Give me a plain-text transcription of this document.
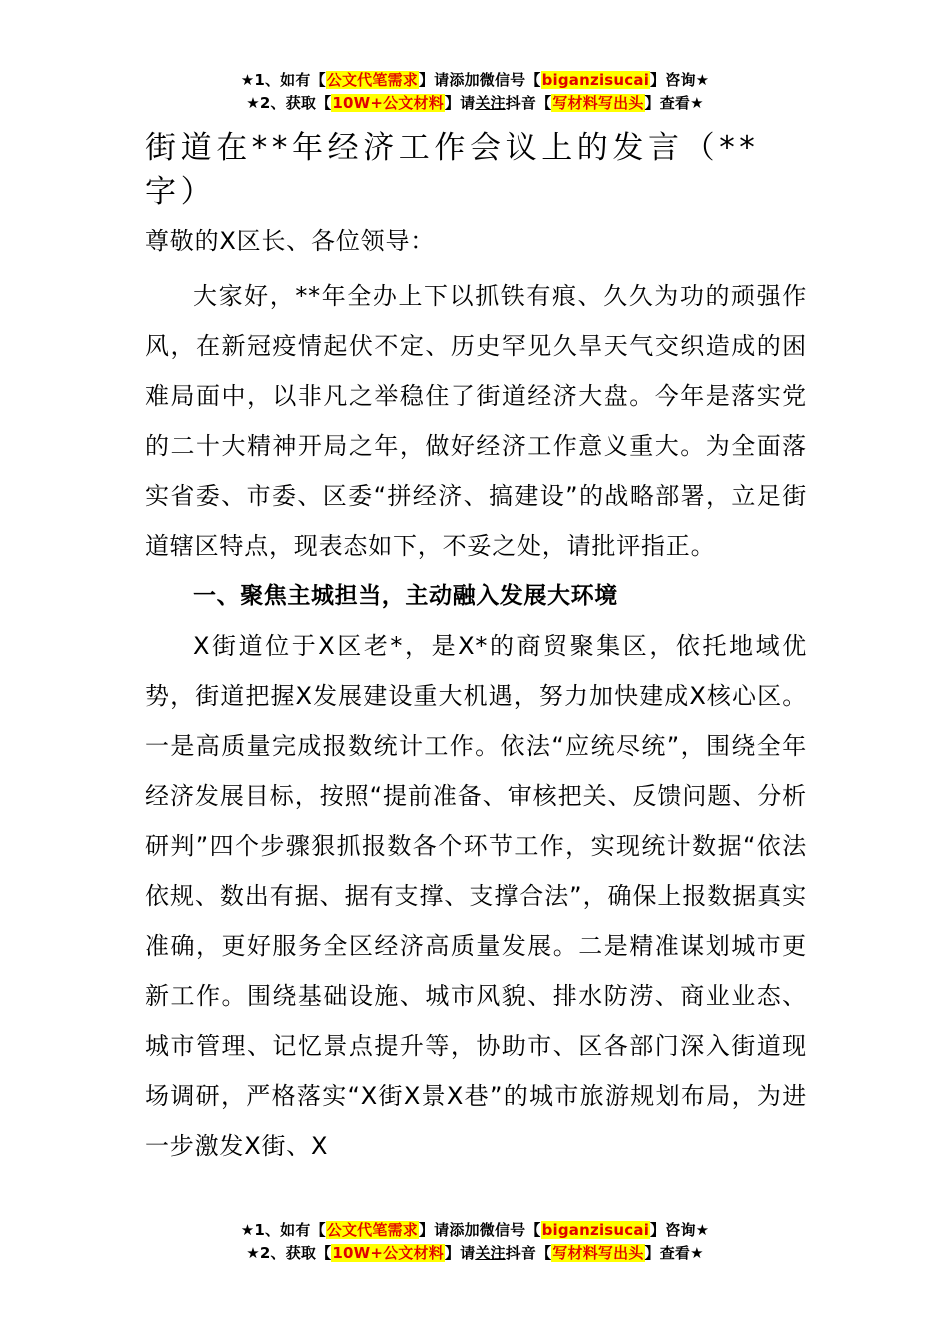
★1、如有【公文代笔需求】请添加微信号【biganzisucai】咨询★
★2、获取【10W+公文材料】请关注抖音【写材料写出头】查看★
街道在**年经济工作会议上的发言（**
字）
尊敬的X区长、各位领导：

大家好，**年全办上下以抓铁有痕、久久为功的顽强作风，在新冠疫情起伏不定、历史罕见久旱天气交织造成的困难局面中，以非凡之举稳住了街道经济大盘。今年是落实党的二十大精神开局之年，做好经济工作意义重大。为全面落实省委、市委、区委“拼经济、搞建设”的战略部署，立足街道辖区特点，现表态如下，不妥之处，请批评指正。

一、聚焦主城担当，主动融入发展大环境

X街道位于X区老*，是X*的商贸聚集区，依托地域优势，街道把握X发展建设重大机遇，努力加快建成X核心区。一是高质量完成报数统计工作。依法“应统尽统”，围绕全年经济发展目标，按照“提前准备、审核把关、反馈问题、分析研判”四个步骤狠抓报数各个环节工作，实现统计数据“依法依规、数出有据、据有支撑、支撑合法”，确保上报数据真实准确，更好服务全区经济高质量发展。二是精准谋划城市更新工作。围绕基础设施、城市风貌、排水防涝、商业业态、城市管理、记忆景点提升等，协助市、区各部门深入街道现场调研，严格落实“X街X景X巷”的城市旅游规划布局，为进一步激发X街、X

★1、如有【公文代笔需求】请添加微信号【biganzisucai】咨询★
★2、获取【10W+公文材料】请关注抖音【写材料写出头】查看★
